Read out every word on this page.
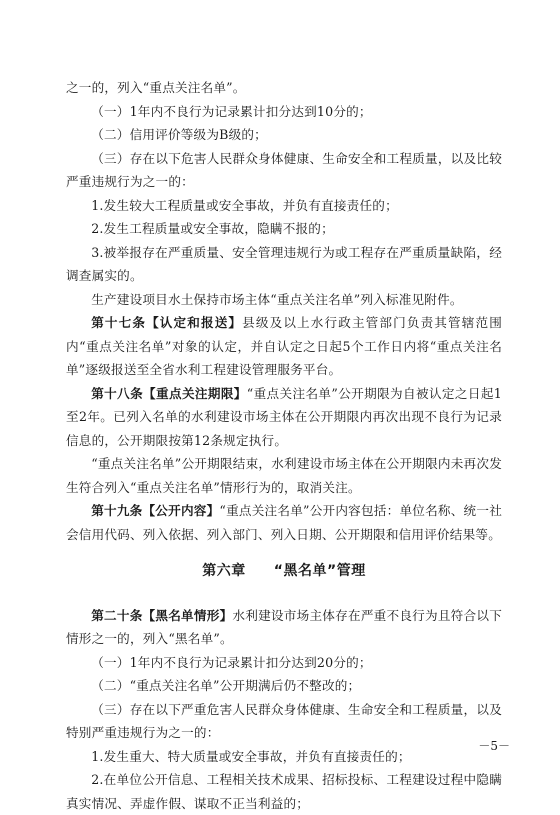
之一的，列入“重点关注名单”。

（一）1年内不良行为记录累计扣分达到10分的；

（二）信用评价等级为B级的；

（三）存在以下危害人民群众身体健康、生命安全和工程质量，以及比较严重违规行为之一的：

1.发生较大工程质量或安全事故，并负有直接责任的；

2.发生工程质量或安全事故，隐瞒不报的；

3.被举报存在严重质量、安全管理违规行为或工程存在严重质量缺陷，经调查属实的。

生产建设项目水土保持市场主体“重点关注名单”列入标准见附件。

第十七条【认定和报送】县级及以上水行政主管部门负责其管辖范围内“重点关注名单”对象的认定，并自认定之日起5个工作日内将“重点关注名单”逐级报送至全省水利工程建设管理服务平台。

第十八条【重点关注期限】“重点关注名单”公开期限为自被认定之日起1至2年。已列入名单的水利建设市场主体在公开期限内再次出现不良行为记录信息的，公开期限按第12条规定执行。

“重点关注名单”公开期限结束，水利建设市场主体在公开期限内未再次发生符合列入“重点关注名单”情形行为的，取消关注。

第十九条【公开内容】“重点关注名单”公开内容包括：单位名称、统一社会信用代码、列入依据、列入部门、列入日期、公开期限和信用评价结果等。

第六章 “黑名单”管理

第二十条【黑名单情形】水利建设市场主体存在严重不良行为且符合以下情形之一的，列入“黑名单”。

（一）1年内不良行为记录累计扣分达到20分的；

（二）“重点关注名单”公开期满后仍不整改的；

（三）存在以下严重危害人民群众身体健康、生命安全和工程质量，以及特别严重违规行为之一的：

1.发生重大、特大质量或安全事故，并负有直接责任的；

2.在单位公开信息、工程相关技术成果、招标投标、工程建设过程中隐瞒真实情况、弄虚作假、谋取不正当利益的；

－5－
